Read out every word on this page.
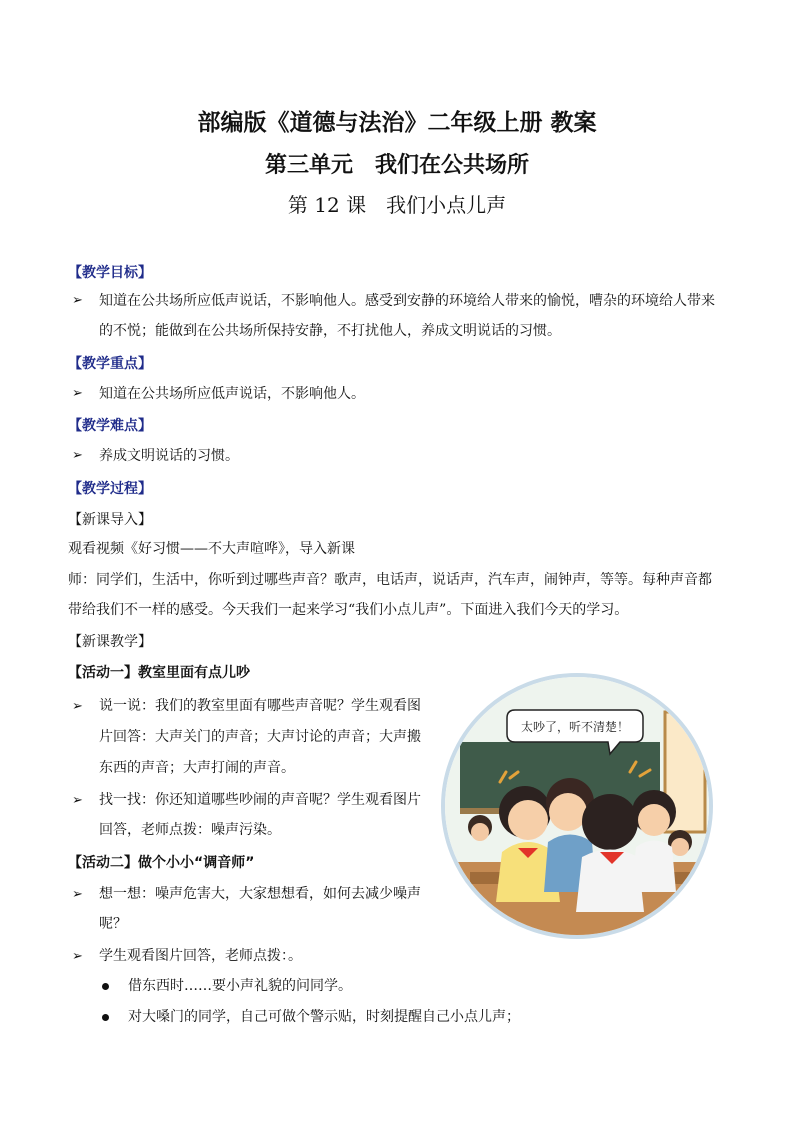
部编版《道德与法治》二年级上册 教案
第三单元　我们在公共场所
第 12 课　我们小点儿声
【教学目标】
➢ 知道在公共场所应低声说话，不影响他人。感受到安静的环境给人带来的愉悦，嘈杂的环境给人带来
的不悦；能做到在公共场所保持安静，不打扰他人，养成文明说话的习惯。
【教学重点】
➢ 知道在公共场所应低声说话，不影响他人。
【教学难点】
➢ 养成文明说话的习惯。
【教学过程】
【新课导入】
观看视频《好习惯——不大声喧哗》，导入新课
师：同学们，生活中，你听到过哪些声音？歌声，电话声，说话声，汽车声，闹钟声，等等。每种声音都
带给我们不一样的感受。今天我们一起来学习“我们小点儿声”。下面进入我们今天的学习。
【新课教学】
【活动一】教室里面有点儿吵
➢ 说一说：我们的教室里面有哪些声音呢？学生观看图
片回答：大声关门的声音；大声讨论的声音；大声搬
东西的声音；大声打闹的声音。
➢ 找一找：你还知道哪些吵闹的声音呢？学生观看图片
回答，老师点拨：噪声污染。
【活动二】做个小小“调音师”
➢ 想一想：噪声危害大，大家想想看，如何去减少噪声
呢？
➢ 学生观看图片回答，老师点拨：。
借东西时……要小声礼貌的问同学。
对大嗓门的同学，自己可做个警示贴，时刻提醒自己小点儿声；
太吵了，听不清楚！
